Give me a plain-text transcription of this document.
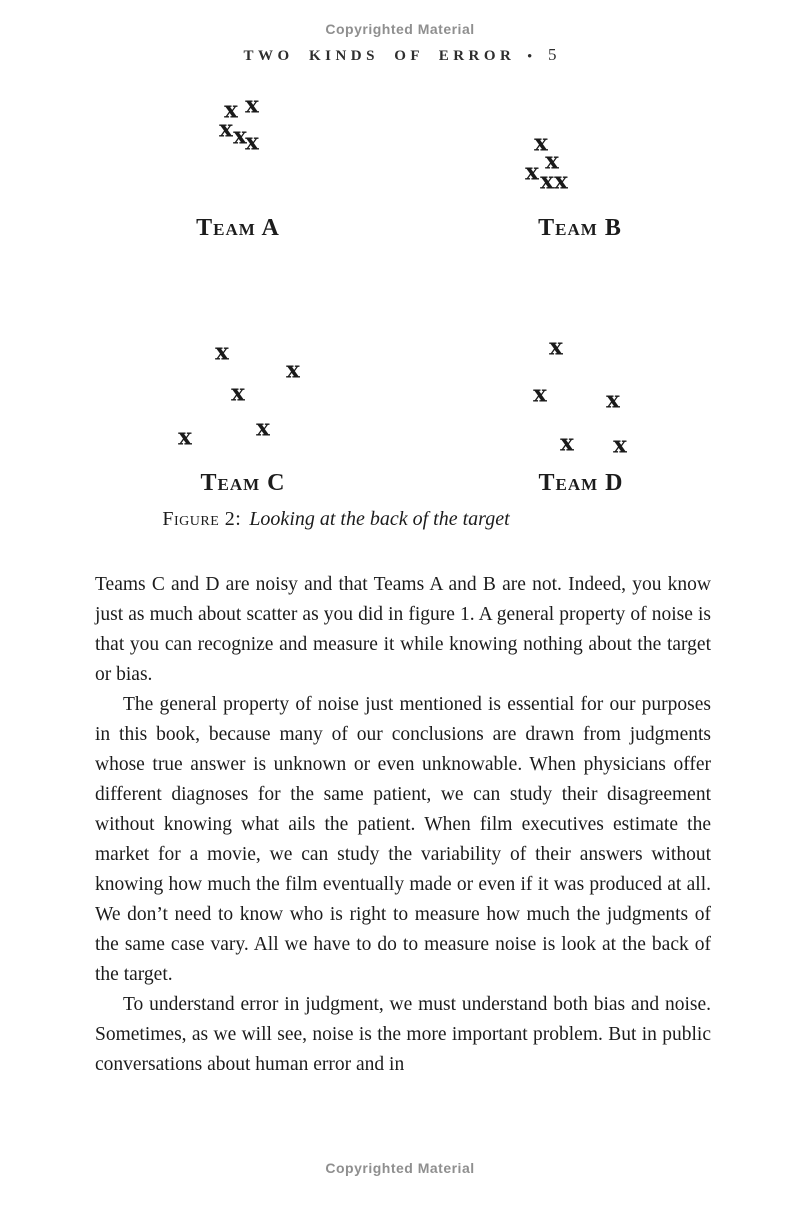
Copyrighted Material
TWO KINDS OF ERROR • 5
x x
x x
x
Team A
x
x
x x x
Team B
x
x
x
x
x
Team C
x
x	x
x x
Team D
Figure 2: Looking at the back of the target

Teams C and D are noisy and that Teams A and B are not. Indeed, you know just as much about scatter as you did in figure 1. A general property of noise is that you can recognize and measure it while knowing nothing about the target or bias.

The general property of noise just mentioned is essential for our purposes in this book, because many of our conclusions are drawn from judgments whose true answer is unknown or even unknowable. When physicians offer different diagnoses for the same patient, we can study their disagreement without knowing what ails the patient. When film executives estimate the market for a movie, we can study the variability of their answers without knowing how much the film eventually made or even if it was produced at all. We don’t need to know who is right to measure how much the judgments of the same case vary. All we have to do to measure noise is look at the back of the target.

To understand error in judgment, we must understand both bias and noise. Sometimes, as we will see, noise is the more important problem. But in public conversations about human error and in

Copyrighted Material
